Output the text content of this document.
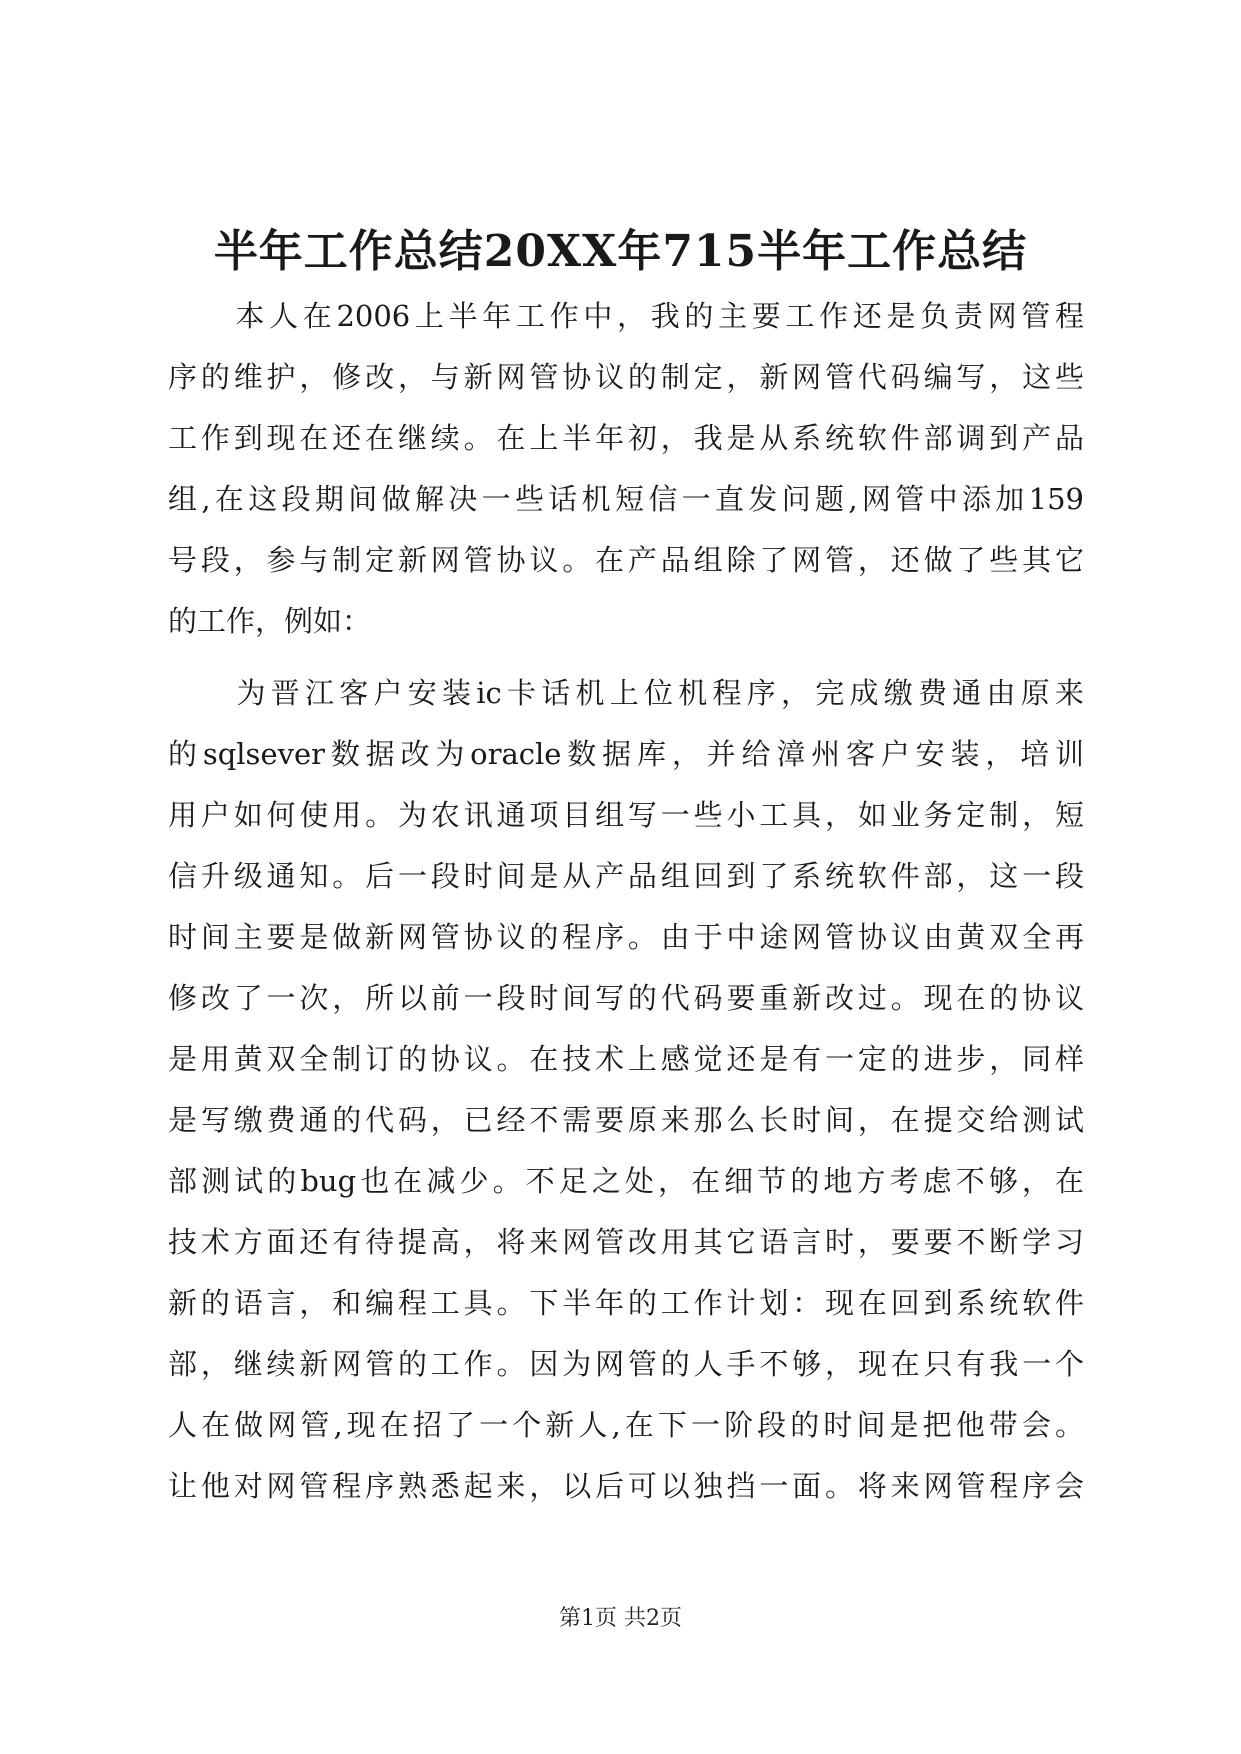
半年工作总结20XX年715半年工作总结
　　本人在2006上半年工作中，我的主要工作还是负责网管程
序的维护，修改，与新网管协议的制定，新网管代码编写，这些
工作到现在还在继续。在上半年初，我是从系统软件部调到产品
组,在这段期间做解决一些话机短信一直发问题,网管中添加159
号段，参与制定新网管协议。在产品组除了网管，还做了些其它
的工作，例如：
　　为晋江客户安装ic卡话机上位机程序，完成缴费通由原来
的sqlsever数据改为oracle数据库，并给漳州客户安装，培训
用户如何使用。为农讯通项目组写一些小工具，如业务定制，短
信升级通知。后一段时间是从产品组回到了系统软件部，这一段
时间主要是做新网管协议的程序。由于中途网管协议由黄双全再
修改了一次，所以前一段时间写的代码要重新改过。现在的协议
是用黄双全制订的协议。在技术上感觉还是有一定的进步，同样
是写缴费通的代码，已经不需要原来那么长时间，在提交给测试
部测试的bug也在减少。不足之处，在细节的地方考虑不够，在
技术方面还有待提高，将来网管改用其它语言时，要要不断学习
新的语言，和编程工具。下半年的工作计划：现在回到系统软件
部，继续新网管的工作。因为网管的人手不够，现在只有我一个
人在做网管,现在招了一个新人,在下一阶段的时间是把他带会。
让他对网管程序熟悉起来，以后可以独挡一面。将来网管程序会
第1页 共2页
